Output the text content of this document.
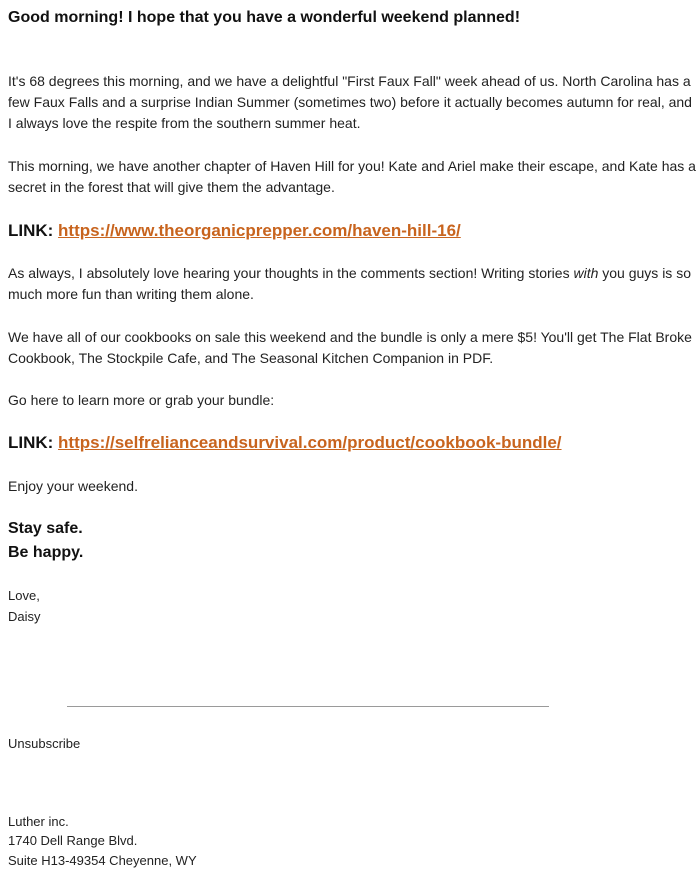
Good morning! I hope that you have a wonderful weekend planned!

It's 68 degrees this morning, and we have a delightful "First Faux Fall" week ahead of us. North Carolina has a few Faux Falls and a surprise Indian Summer (sometimes two) before it actually becomes autumn for real, and I always love the respite from the southern summer heat.

This morning, we have another chapter of Haven Hill for you! Kate and Ariel make their escape, and Kate has a secret in the forest that will give them the advantage.

LINK: https://www.theorganicprepper.com/haven-hill-16/

As always, I absolutely love hearing your thoughts in the comments section! Writing stories with you guys is so much more fun than writing them alone.

We have all of our cookbooks on sale this weekend and the bundle is only a mere $5! You'll get The Flat Broke Cookbook, The Stockpile Cafe, and The Seasonal Kitchen Companion in PDF.

Go here to learn more or grab your bundle:

LINK: https://selfrelianceandsurvival.com/product/cookbook-bundle/

Enjoy your weekend.

Stay safe.
Be happy.
Love,
Daisy
Unsubscribe
Luther inc.
1740 Dell Range Blvd.
Suite H13-49354 Cheyenne, WY
